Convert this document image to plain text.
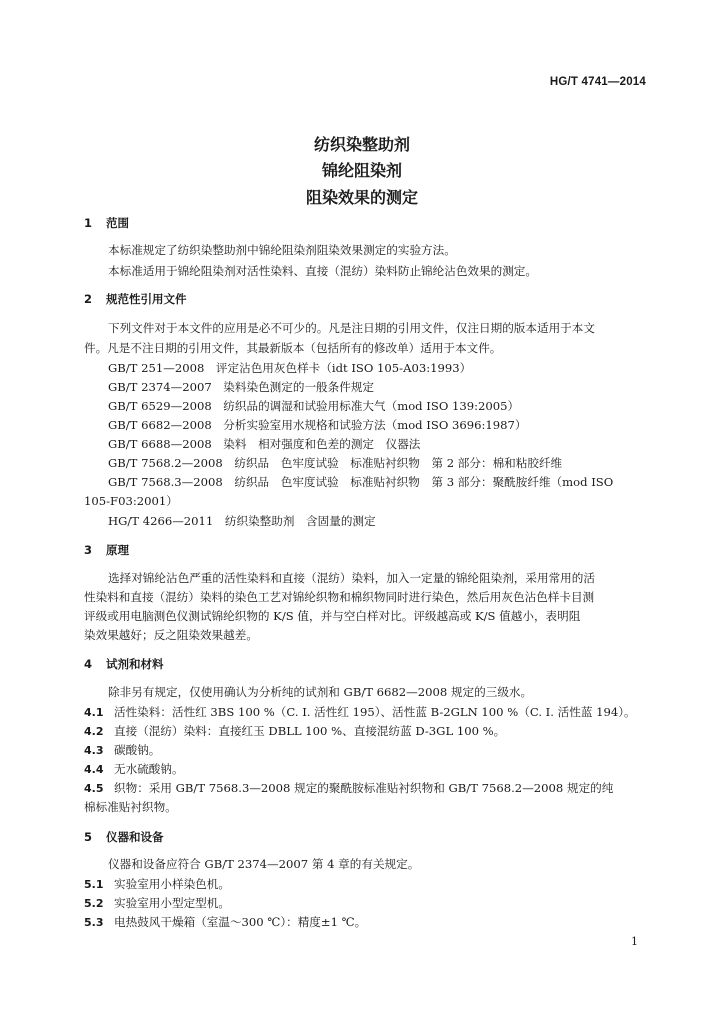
HG/T 4741—2014
纺织染整助剂
锦纶阻染剂
阻染效果的测定
1 范围
本标准规定了纺织染整助剂中锦纶阻染剂阻染效果测定的实验方法。
本标准适用于锦纶阻染剂对活性染料、直接（混纺）染料防止锦纶沾色效果的测定。
2 规范性引用文件
下列文件对于本文件的应用是必不可少的。凡是注日期的引用文件，仅注日期的版本适用于本文
件。凡是不注日期的引用文件，其最新版本（包括所有的修改单）适用于本文件。
GB/T 251—2008　评定沾色用灰色样卡（idt ISO 105-A03:1993）
GB/T 2374—2007　染料染色测定的一般条件规定
GB/T 6529—2008　纺织品的调湿和试验用标准大气（mod ISO 139:2005）
GB/T 6682—2008　分析实验室用水规格和试验方法（mod ISO 3696:1987）
GB/T 6688—2008　染料　相对强度和色差的测定　仪器法
GB/T 7568.2—2008　纺织品　色牢度试验　标准贴衬织物　第 2 部分：棉和粘胶纤维
GB/T 7568.3—2008　纺织品　色牢度试验　标准贴衬织物　第 3 部分：聚酰胺纤维（mod ISO
105-F03:2001）
HG/T 4266—2011　纺织染整助剂　含固量的测定
3 原理
选择对锦纶沾色严重的活性染料和直接（混纺）染料，加入一定量的锦纶阻染剂，采用常用的活
性染料和直接（混纺）染料的染色工艺对锦纶织物和棉织物同时进行染色，然后用灰色沾色样卡目测
评级或用电脑测色仪测试锦纶织物的 K/S 值，并与空白样对比。评级越高或 K/S 值越小，表明阻
染效果越好；反之阻染效果越差。
4 试剂和材料
除非另有规定，仅使用确认为分析纯的试剂和 GB/T 6682—2008 规定的三级水。
4.1 活性染料：活性红 3BS 100 %（C. I. 活性红 195）、活性蓝 B-2GLN 100 %（C. I. 活性蓝 194）。
4.2 直接（混纺）染料：直接红玉 DBLL 100 %、直接混纺蓝 D-3GL 100 %。
4.3 碳酸钠。
4.4 无水硫酸钠。
4.5 织物：采用 GB/T 7568.3—2008 规定的聚酰胺标准贴衬织物和 GB/T 7568.2—2008 规定的纯
棉标准贴衬织物。
5 仪器和设备
仪器和设备应符合 GB/T 2374—2007 第 4 章的有关规定。
5.1 实验室用小样染色机。
5.2 实验室用小型定型机。
5.3 电热鼓风干燥箱（室温～300 ℃）：精度±1 ℃。
1
